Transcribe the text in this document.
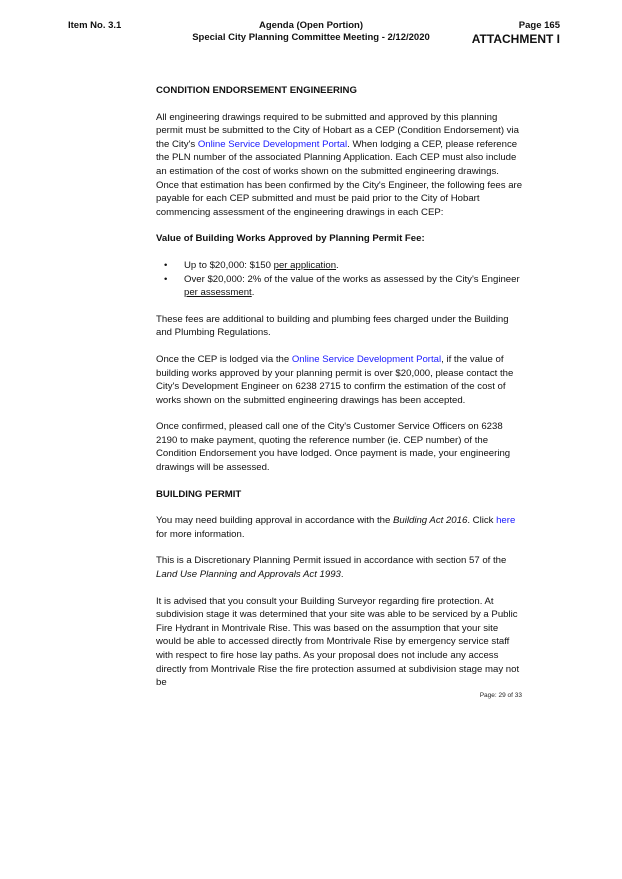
Item No. 3.1	Agenda (Open Portion)
Special City Planning Committee Meeting - 2/12/2020
Page 165
ATTACHMENT I
CONDITION ENDORSEMENT ENGINEERING

All engineering drawings required to be submitted and approved by this planning permit must be submitted to the City of Hobart as a CEP (Condition Endorsement) via the City's Online Service Development Portal. When lodging a CEP, please reference the PLN number of the associated Planning Application. Each CEP must also include an estimation of the cost of works shown on the submitted engineering drawings. Once that estimation has been confirmed by the City's Engineer, the following fees are payable for each CEP submitted and must be paid prior to the City of Hobart commencing assessment of the engineering drawings in each CEP:

Value of Building Works Approved by Planning Permit Fee:

• Up to $20,000: $150 per application.
• Over $20,000: 2% of the value of the works as assessed by the City's Engineer per assessment.

These fees are additional to building and plumbing fees charged under the Building and Plumbing Regulations.

Once the CEP is lodged via the Online Service Development Portal, if the value of building works approved by your planning permit is over $20,000, please contact the City's Development Engineer on 6238 2715 to confirm the estimation of the cost of works shown on the submitted engineering drawings has been accepted.

Once confirmed, pleased call one of the City's Customer Service Officers on 6238 2190 to make payment, quoting the reference number (ie. CEP number) of the Condition Endorsement you have lodged. Once payment is made, your engineering drawings will be assessed.

BUILDING PERMIT

You may need building approval in accordance with the Building Act 2016. Click here for more information.

This is a Discretionary Planning Permit issued in accordance with section 57 of the Land Use Planning and Approvals Act 1993.

It is advised that you consult your Building Surveyor regarding fire protection. At subdivision stage it was determined that your site was able to be serviced by a Public Fire Hydrant in Montrivale Rise. This was based on the assumption that your site would be able to accessed directly from Montrivale Rise by emergency service staff with respect to fire hose lay paths. As your proposal does not include any access directly from Montrivale Rise the fire protection assumed at subdivision stage may not be

Page: 29 of 33
